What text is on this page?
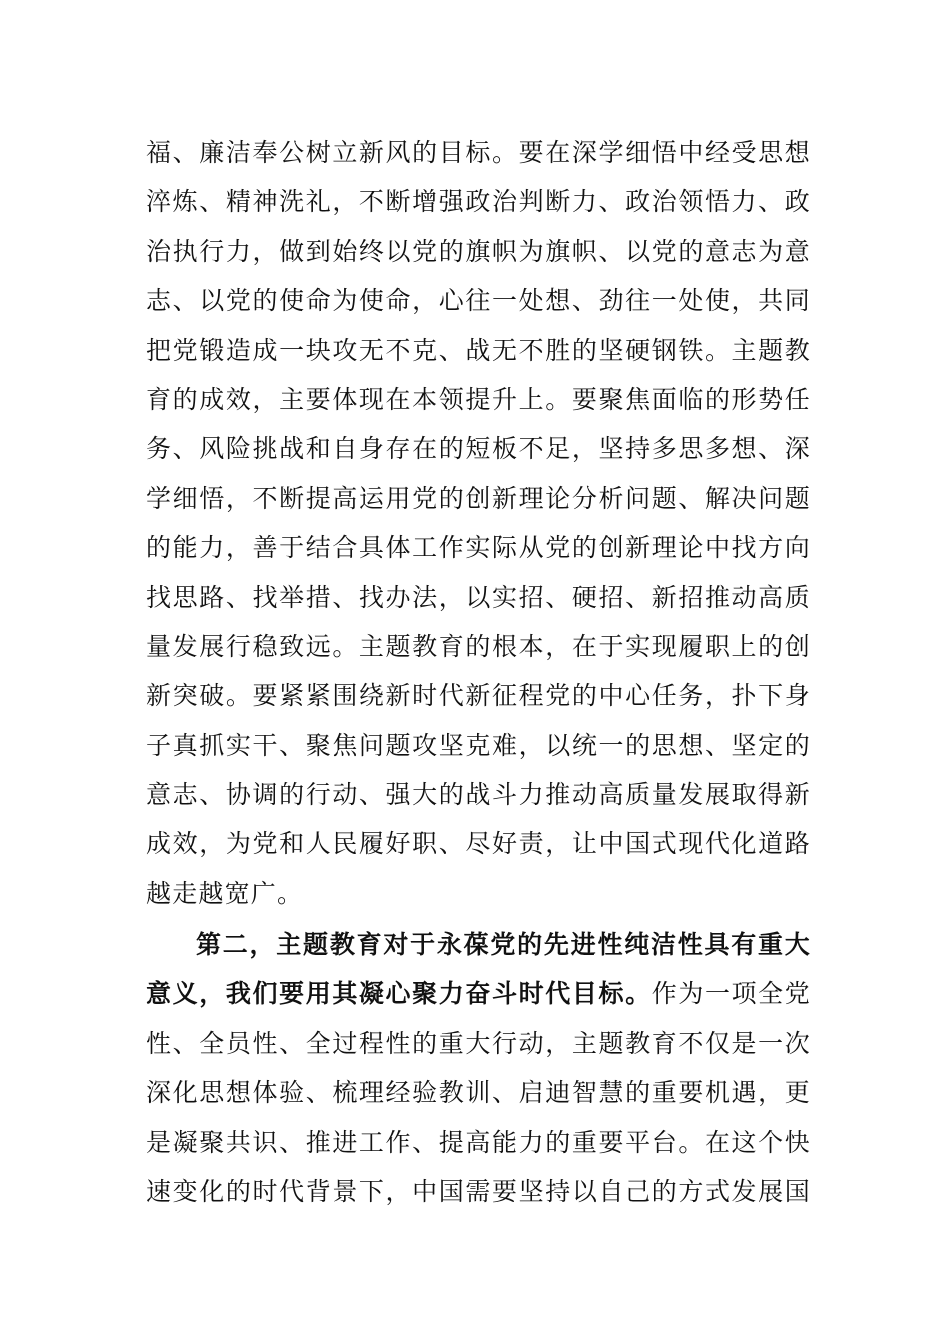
福、廉洁奉公树立新风的目标。要在深学细悟中经受思想
淬炼、精神洗礼，不断增强政治判断力、政治领悟力、政
治执行力，做到始终以党的旗帜为旗帜、以党的意志为意
志、以党的使命为使命，心往一处想、劲往一处使，共同
把党锻造成一块攻无不克、战无不胜的坚硬钢铁。主题教
育的成效，主要体现在本领提升上。要聚焦面临的形势任
务、风险挑战和自身存在的短板不足，坚持多思多想、深
学细悟，不断提高运用党的创新理论分析问题、解决问题
的能力，善于结合具体工作实际从党的创新理论中找方向
找思路、找举措、找办法，以实招、硬招、新招推动高质
量发展行稳致远。主题教育的根本，在于实现履职上的创
新突破。要紧紧围绕新时代新征程党的中心任务，扑下身
子真抓实干、聚焦问题攻坚克难，以统一的思想、坚定的
意志、协调的行动、强大的战斗力推动高质量发展取得新
成效，为党和人民履好职、尽好责，让中国式现代化道路
越走越宽广。
第二，主题教育对于永葆党的先进性纯洁性具有重大
意义，我们要用其凝心聚力奋斗时代目标。作为一项全党
性、全员性、全过程性的重大行动，主题教育不仅是一次
深化思想体验、梳理经验教训、启迪智慧的重要机遇，更
是凝聚共识、推进工作、提高能力的重要平台。在这个快
速变化的时代背景下，中国需要坚持以自己的方式发展国
